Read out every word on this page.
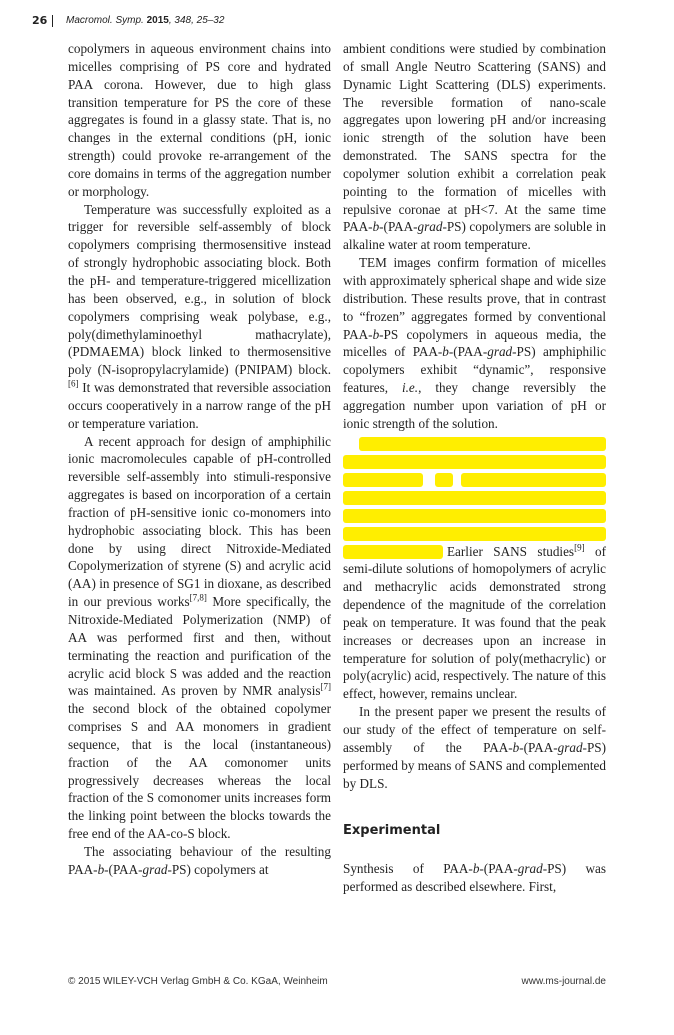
26 Macromol. Symp. 2015, 348, 25–32

copolymers in aqueous environment chains into micelles comprising of PS core and hydrated PAA corona. However, due to high glass transition temperature for PS the core of these aggregates is found in a glassy state. That is, no changes in the external conditions (pH, ionic strength) could provoke re-arrangement of the core domains in terms of the aggregation number or morphology.

Temperature was successfully exploited as a trigger for reversible self-assembly of block copolymers comprising thermosensitive instead of strongly hydrophobic associating block. Both the pH- and temperature-triggered micellization has been observed, e.g., in solution of block copolymers comprising weak polybase, e.g., poly(dimethylaminoethyl mathacrylate), (PDMAEMA) block linked to thermosensitive poly (N-isopropylacrylamide) (PNIPAM) block.[6] It was demonstrated that reversible association occurs cooperatively in a narrow range of the pH or temperature variation.

A recent approach for design of amphiphilic ionic macromolecules capable of pH-controlled reversible self-assembly into stimuli-responsive aggregates is based on incorporation of a certain fraction of pH-sensitive ionic co-monomers into hydrophobic associating block. This has been done by using direct Nitroxide-Mediated Copolymerization of styrene (S) and acrylic acid (AA) in presence of SG1 in dioxane, as described in our previous works[7,8] More specifically, the Nitroxide-Mediated Polymerization (NMP) of AA was performed first and then, without terminating the reaction and purification of the acrylic acid block S was added and the reaction was maintained. As proven by NMR analysis[7] the second block of the obtained copolymer comprises S and AA monomers in gradient sequence, that is the local (instantaneous) fraction of the AA comonomer units progressively decreases whereas the local fraction of the S comonomer units increases form the linking point between the blocks towards the free end of the AA-co-S block.

The associating behaviour of the resulting PAA-b-(PAA-grad-PS) copolymers at

ambient conditions were studied by combination of small Angle Neutro Scattering (SANS) and Dynamic Light Scattering (DLS) experiments. The reversible formation of nano-scale aggregates upon lowering pH and/or increasing ionic strength of the solution have been demonstrated. The SANS spectra for the copolymer solution exhibit a correlation peak pointing to the formation of micelles with repulsive coronae at pH<7. At the same time PAA-b-(PAA-grad-PS) copolymers are soluble in alkaline water at room temperature.

TEM images confirm formation of micelles with approximately spherical shape and wide size distribution. These results prove, that in contrast to “frozen” aggregates formed by conventional PAA-b-PS copolymers in aqueous media, the micelles of PAA-b-(PAA-grad-PS) amphiphilic copolymers exhibit “dynamic”, responsive features, i.e., they change reversibly the aggregation number upon variation of pH or ionic strength of the solution.

Earlier SANS studies[9] of semi-dilute solutions of homopolymers of acrylic and methacrylic acids demonstrated strong dependence of the magnitude of the correlation peak on temperature. It was found that the peak increases or decreases upon an increase in temperature for solution of poly(methacrylic) or poly(acrylic) acid, respectively. The nature of this effect, however, remains unclear.

In the present paper we present the results of our study of the effect of temperature on self-assembly of the PAA-b-(PAA-grad-PS) performed by means of SANS and complemented by DLS.

Experimental

Synthesis of PAA-b-(PAA-grad-PS) was performed as described elsewhere. First,

© 2015 WILEY-VCH Verlag GmbH & Co. KGaA, Weinheim	www.ms-journal.de
